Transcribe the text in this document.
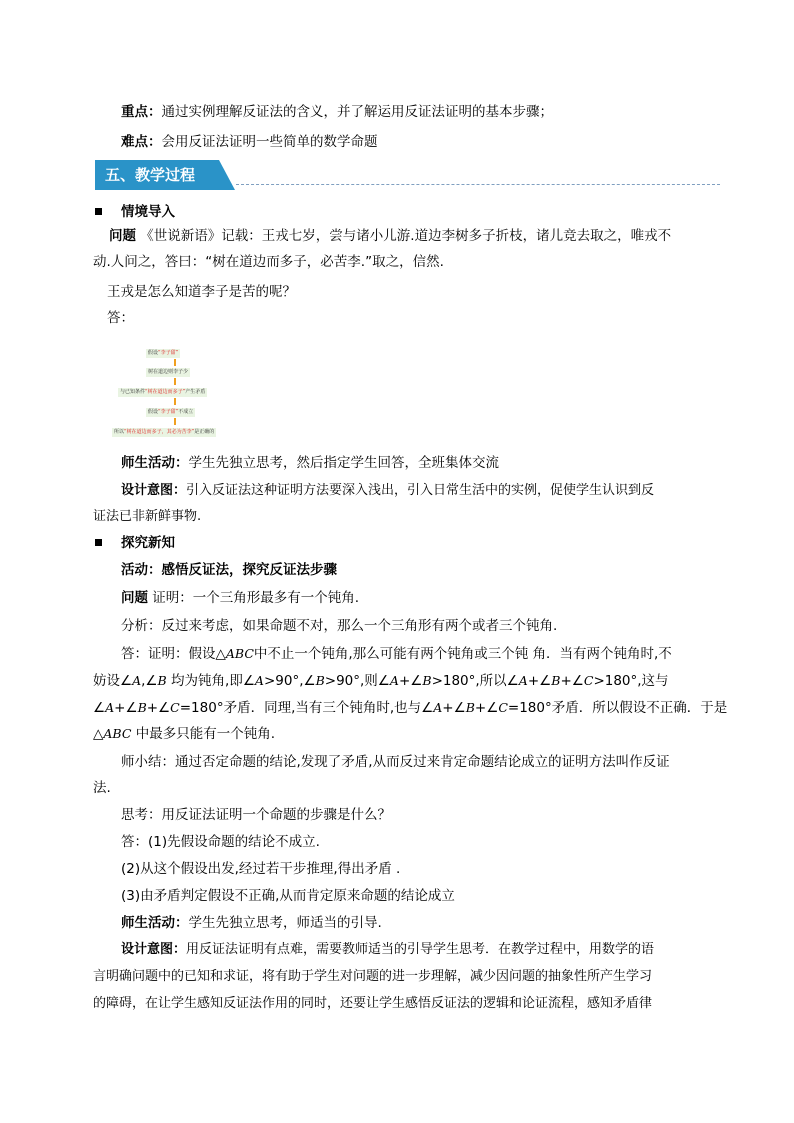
重点：通过实例理解反证法的含义，并了解运用反证法证明的基本步骤；
难点：会用反证法证明一些简单的数学命题
五、教学过程
情境导入
问题 《世说新语》记载：王戎七岁，尝与诸小儿游.道边李树多子折枝，诸儿竞去取之，唯戎不
动.人问之，答曰：“树在道边而多子，必苦李.”取之，信然.
王戎是怎么知道李子是苦的呢？
答：
假设“李子甜”
树在道边则李子少
与已知条件“树在道边而多子”产生矛盾
假设“李子甜”不成立
所以“树在道边而多子，其必为苦李”是正确的
师生活动：学生先独立思考，然后指定学生回答，全班集体交流
设计意图：引入反证法这种证明方法要深入浅出，引入日常生活中的实例，促使学生认识到反
证法已非新鲜事物.
探究新知
活动：感悟反证法，探究反证法步骤
问题 证明：一个三角形最多有一个钝角.
分析：反过来考虑，如果命题不对，那么一个三角形有两个或者三个钝角.
答：证明：假设△ABC中不止一个钝角,那么可能有两个钝角或三个钝 角．当有两个钝角时,不
妨设∠A,∠B 均为钝角,即∠A>90°,∠B>90°,则∠A+∠B>180°,所以∠A+∠B+∠C>180°,这与
∠A+∠B+∠C=180°矛盾．同理,当有三个钝角时,也与∠A+∠B+∠C=180°矛盾．所以假设不正确．于是
△ABC 中最多只能有一个钝角.
师小结：通过否定命题的结论,发现了矛盾,从而反过来肯定命题结论成立的证明方法叫作反证
法.
思考：用反证法证明一个命题的步骤是什么？
答：(1)先假设命题的结论不成立.
(2)从这个假设出发,经过若干步推理,得出矛盾 .
(3)由矛盾判定假设不正确,从而肯定原来命题的结论成立
师生活动：学生先独立思考，师适当的引导.
设计意图：用反证法证明有点难，需要教师适当的引导学生思考．在教学过程中，用数学的语
言明确问题中的已知和求证，将有助于学生对问题的进一步理解，减少因问题的抽象性所产生学习
的障碍，在让学生感知反证法作用的同时，还要让学生感悟反证法的逻辑和论证流程，感知矛盾律
